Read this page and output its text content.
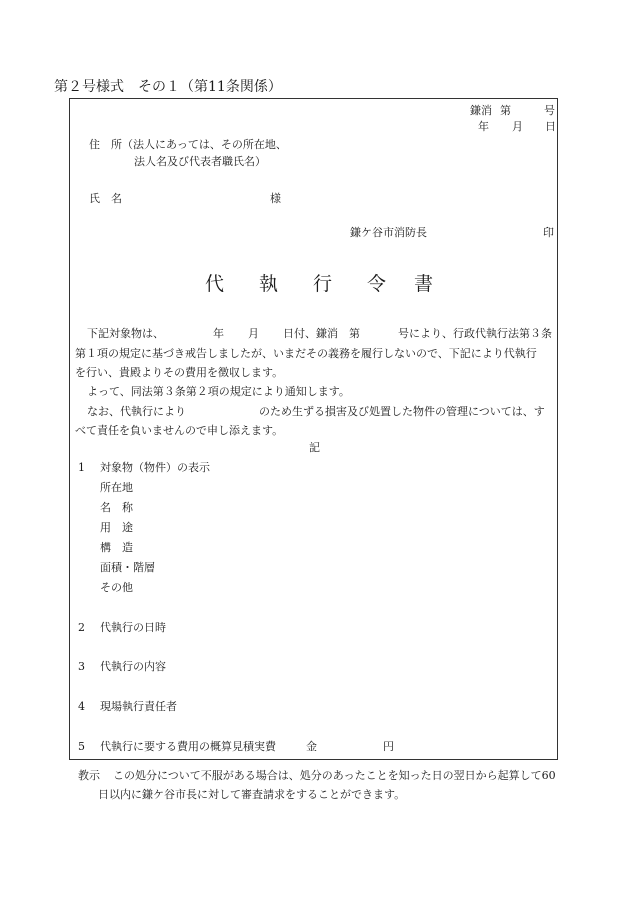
第２号様式　その１（第11条関係）
鎌消 第	号
年 月 日
住　所（法人にあっては、その所在地、
法人名及び代表者職氏名）
氏　名	様
鎌ケ谷市消防長	印
代 執 行 令 書
下記対象物は、	年 月 日付、鎌消　第	号により、行政代執行法第３条
第１項の規定に基づき戒告しましたが、いまだその義務を履行しないので、下記により代執行
を行い、貴殿よりその費用を徴収します。
よって、同法第３条第２項の規定により通知します。
なお、代執行により	のため生ずる損害及び処置した物件の管理については、す
べて責任を負いませんので申し添えます。
記
1 対象物（物件）の表示
所在地
名　称
用　途
構　造
面積・階層
その他
2 代執行の日時
3 代執行の内容
4 現場執行責任者
5 代執行に要する費用の概算見積実費	金	円
教示 この処分について不服がある場合は、処分のあったことを知った日の翌日から起算して60
日以内に鎌ケ谷市長に対して審査請求をすることができます。
